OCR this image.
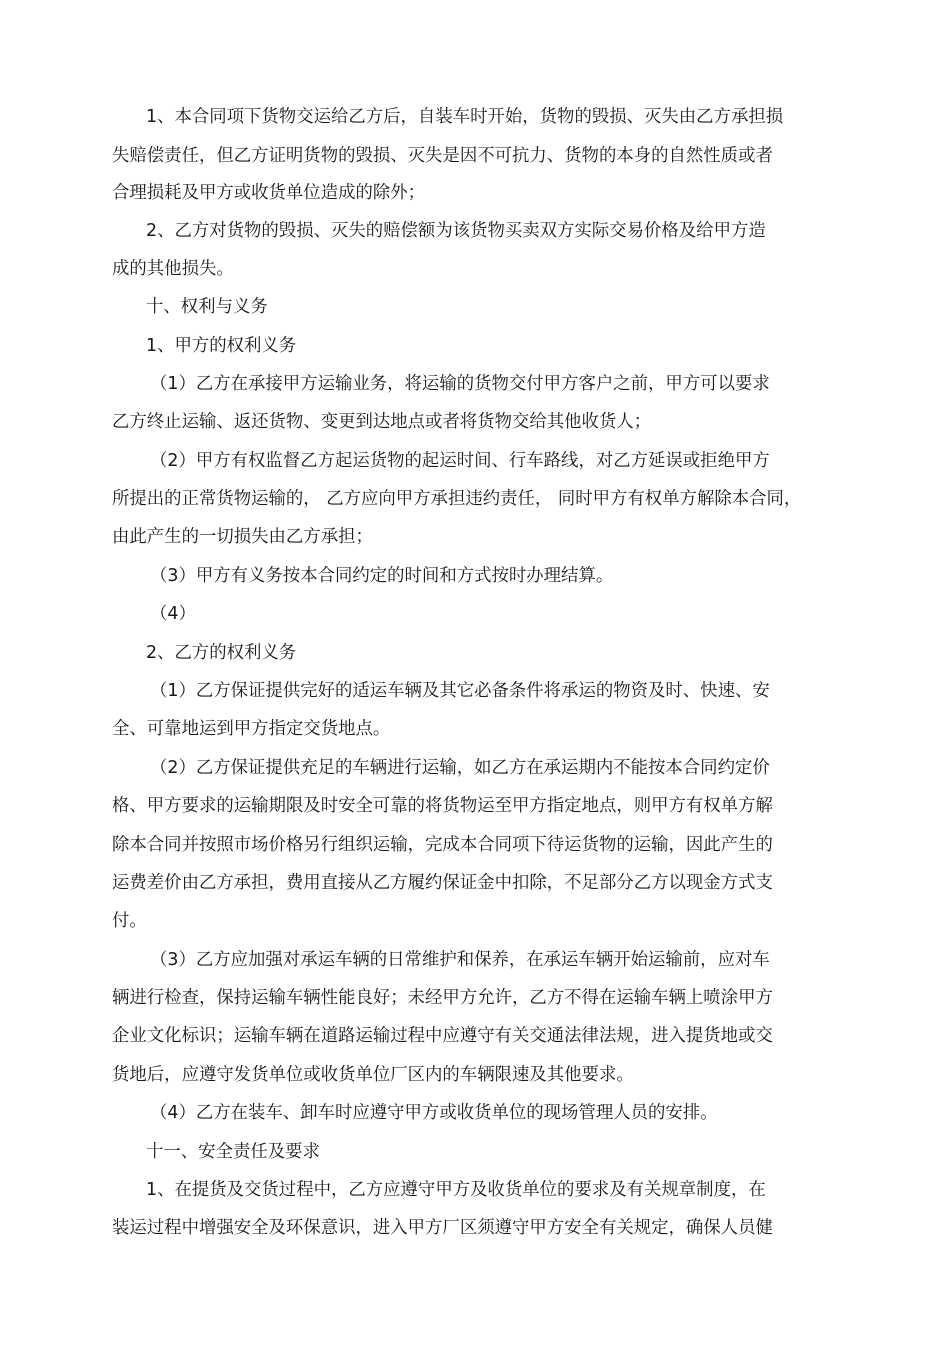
1、本合同项下货物交运给乙方后，自装车时开始，货物的毁损、灭失由乙方承担损

失赔偿责任，但乙方证明货物的毁损、灭失是因不可抗力、货物的本身的自然性质或者

合理损耗及甲方或收货单位造成的除外；

2、乙方对货物的毁损、灭失的赔偿额为该货物买卖双方实际交易价格及给甲方造

成的其他损失。

十、权利与义务

1、甲方的权利义务

（1）乙方在承接甲方运输业务，将运输的货物交付甲方客户之前，甲方可以要求

乙方终止运输、返还货物、变更到达地点或者将货物交给其他收货人；

（2）甲方有权监督乙方起运货物的起运时间、行车路线，对乙方延误或拒绝甲方

所提出的正常货物运输的， 乙方应向甲方承担违约责任， 同时甲方有权单方解除本合同，

由此产生的一切损失由乙方承担；

（3）甲方有义务按本合同约定的时间和方式按时办理结算。

（4）

2、乙方的权利义务

（1）乙方保证提供完好的适运车辆及其它必备条件将承运的物资及时、快速、安

全、可靠地运到甲方指定交货地点。

（2）乙方保证提供充足的车辆进行运输，如乙方在承运期内不能按本合同约定价

格、甲方要求的运输期限及时安全可靠的将货物运至甲方指定地点，则甲方有权单方解

除本合同并按照市场价格另行组织运输，完成本合同项下待运货物的运输，因此产生的

运费差价由乙方承担，费用直接从乙方履约保证金中扣除，不足部分乙方以现金方式支

付。

（3）乙方应加强对承运车辆的日常维护和保养，在承运车辆开始运输前，应对车

辆进行检查，保持运输车辆性能良好；未经甲方允许，乙方不得在运输车辆上喷涂甲方

企业文化标识；运输车辆在道路运输过程中应遵守有关交通法律法规，进入提货地或交

货地后，应遵守发货单位或收货单位厂区内的车辆限速及其他要求。

（4）乙方在装车、卸车时应遵守甲方或收货单位的现场管理人员的安排。

十一、安全责任及要求

1、在提货及交货过程中，乙方应遵守甲方及收货单位的要求及有关规章制度，在

装运过程中增强安全及环保意识，进入甲方厂区须遵守甲方安全有关规定，确保人员健
